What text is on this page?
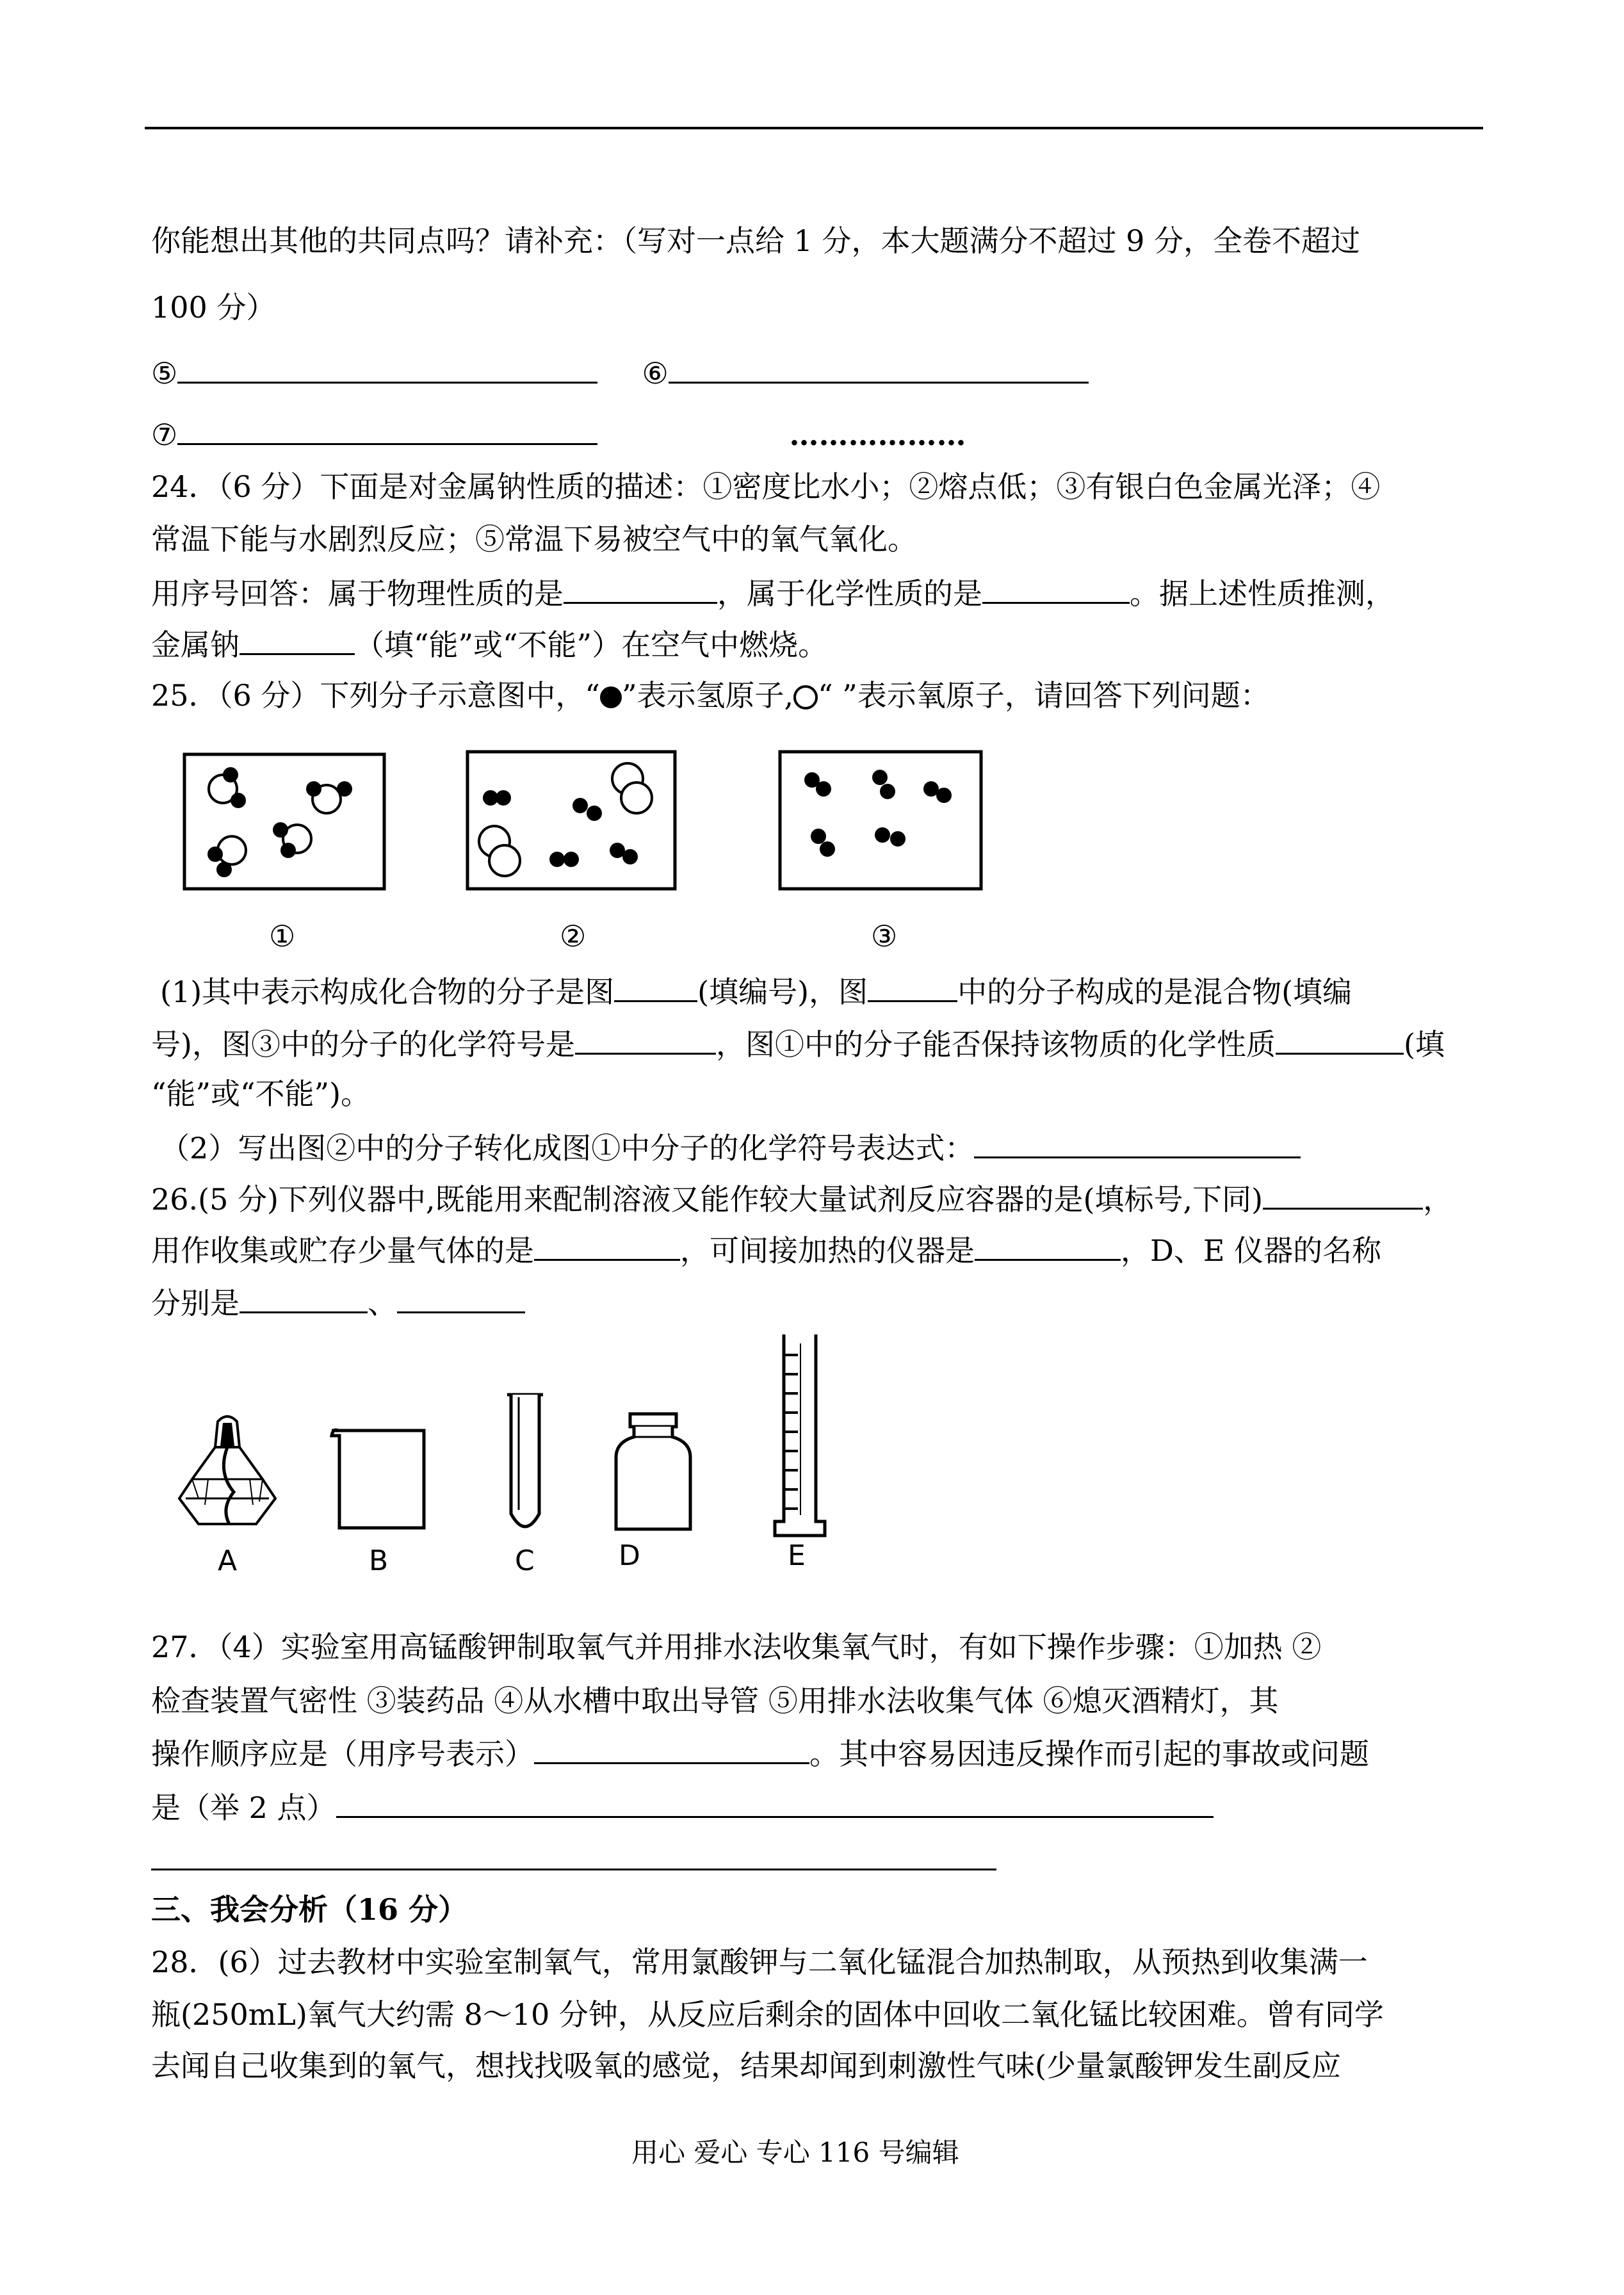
你能想出其他的共同点吗？请补充：（写对一点给 1 分，本大题满分不超过 9 分，全卷不超过
100 分）
⑤	⑥
⑦	………………
24．（6 分）下面是对金属钠性质的描述：①密度比水小；②熔点低；③有银白色金属光泽；④
常温下能与水剧烈反应；⑤常温下易被空气中的氧气氧化。
用序号回答：属于物理性质的是	，属于化学性质的是	。据上述性质推测，
金属钠	（填“能”或“不能”）在空气中燃烧。
25．（6 分）下列分子示意图中，“ ”表示氢原子, “ ”表示氧原子，请回答下列问题：
①	②	③
(1)其中表示构成化合物的分子是图	(填编号)，图	中的分子构成的是混合物(填编
号)，图③中的分子的化学符号是	，图①中的分子能否保持该物质的化学性质	(填
“能”或“不能”)。
（2）写出图②中的分子转化成图①中分子的化学符号表达式：
26.(5 分)下列仪器中,既能用来配制溶液又能作较大量试剂反应容器的是(填标号,下同)	，
用作收集或贮存少量气体的是	，可间接加热的仪器是	，D、E 仪器的名称
分别是	、
A	B	C	D	E
27．（4）实验室用高锰酸钾制取氧气并用排水法收集氧气时，有如下操作步骤：①加热 ②
检查装置气密性 ③装药品 ④从水槽中取出导管 ⑤用排水法收集气体 ⑥熄灭酒精灯，其
操作顺序应是（用序号表示）	。其中容易因违反操作而引起的事故或问题
是（举 2 点）
三、我会分析（16 分）
28．(6）过去教材中实验室制氧气，常用氯酸钾与二氧化锰混合加热制取，从预热到收集满一
瓶(250mL)氧气大约需 8～10 分钟，从反应后剩余的固体中回收二氧化锰比较困难。曾有同学
去闻自己收集到的氧气，想找找吸氧的感觉，结果却闻到刺激性气味(少量氯酸钾发生副反应
用心 爱心 专心 116 号编辑
